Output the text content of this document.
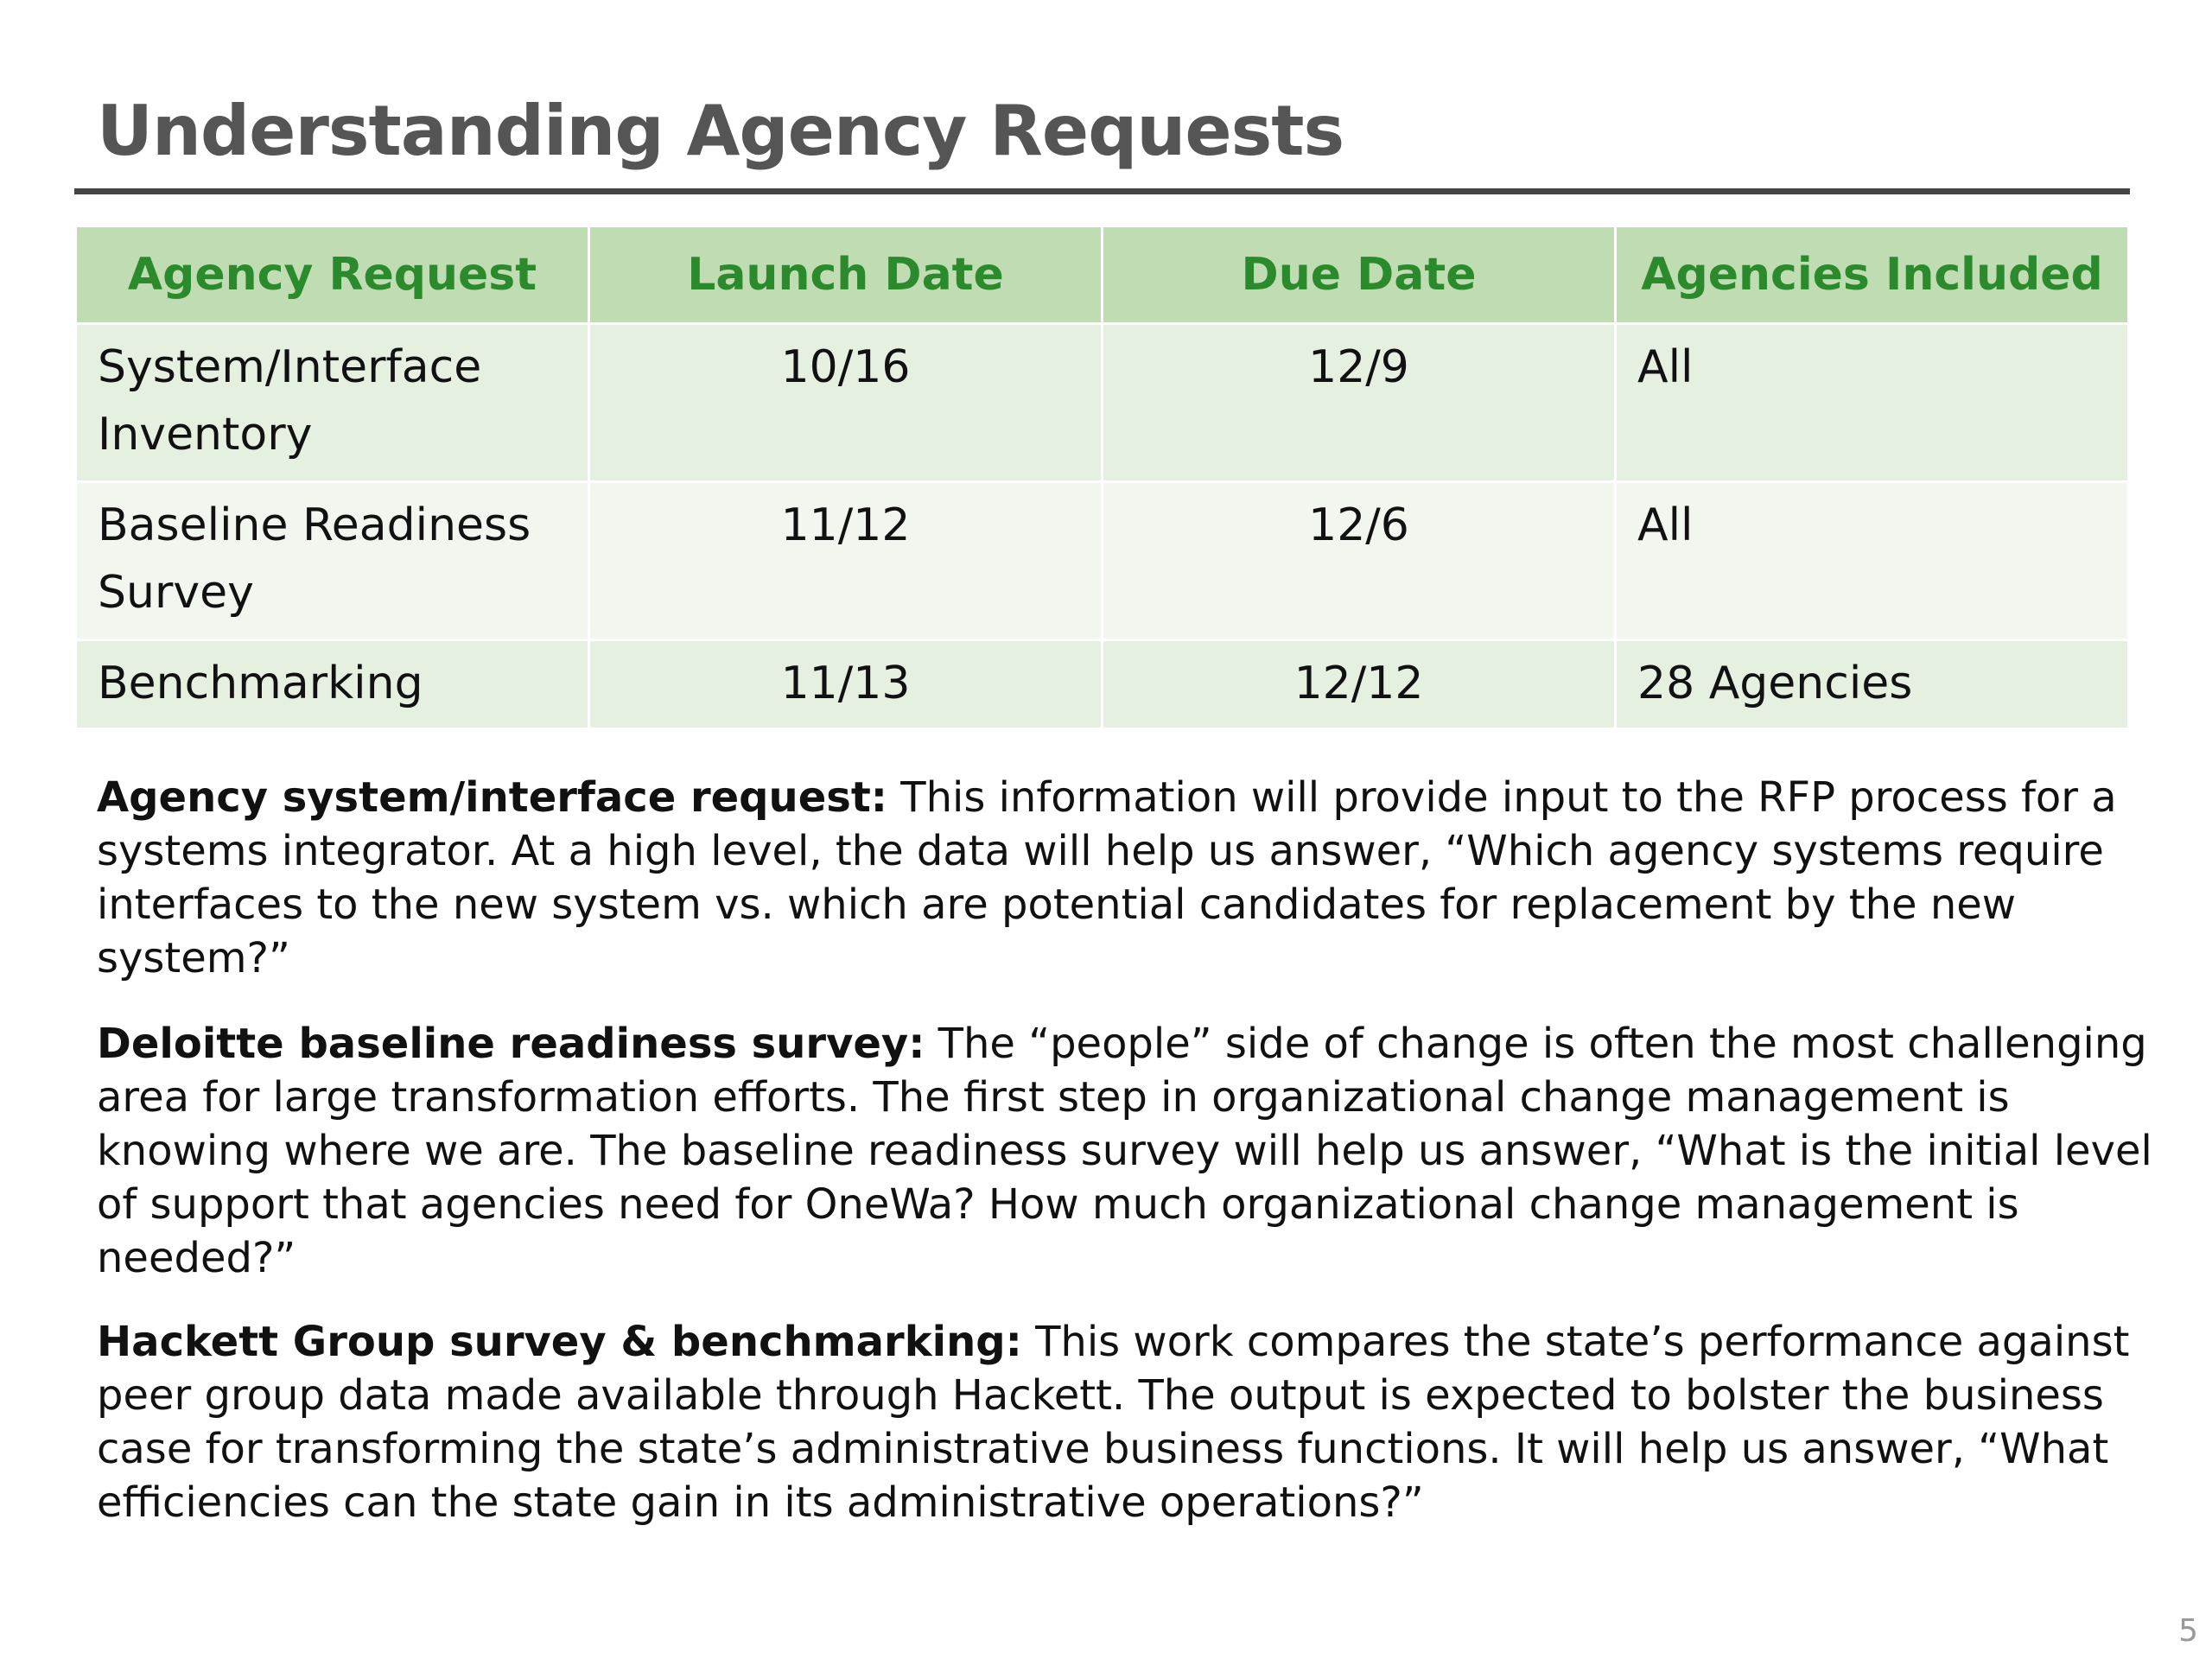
Understanding Agency Requests
Agency Request	Launch Date	Due Date	Agencies Included
System/Interface Inventory	10/16	12/9	All
Baseline Readiness Survey	11/12	12/6	All
Benchmarking	11/13	12/12	28 Agencies
Agency system/interface request: This information will provide input to the RFP process for a systems integrator. At a high level, the data will help us answer, “Which agency systems require interfaces to the new system vs. which are potential candidates for replacement by the new system?”
Deloitte baseline readiness survey: The “people” side of change is often the most challenging area for large transformation efforts. The first step in organizational change management is knowing where we are. The baseline readiness survey will help us answer, “What is the initial level of support that agencies need for OneWa? How much organizational change management is needed?”
Hackett Group survey & benchmarking: This work compares the state’s performance against peer group data made available through Hackett. The output is expected to bolster the business case for transforming the state’s administrative business functions. It will help us answer, “What efficiencies can the state gain in its administrative operations?”
5
